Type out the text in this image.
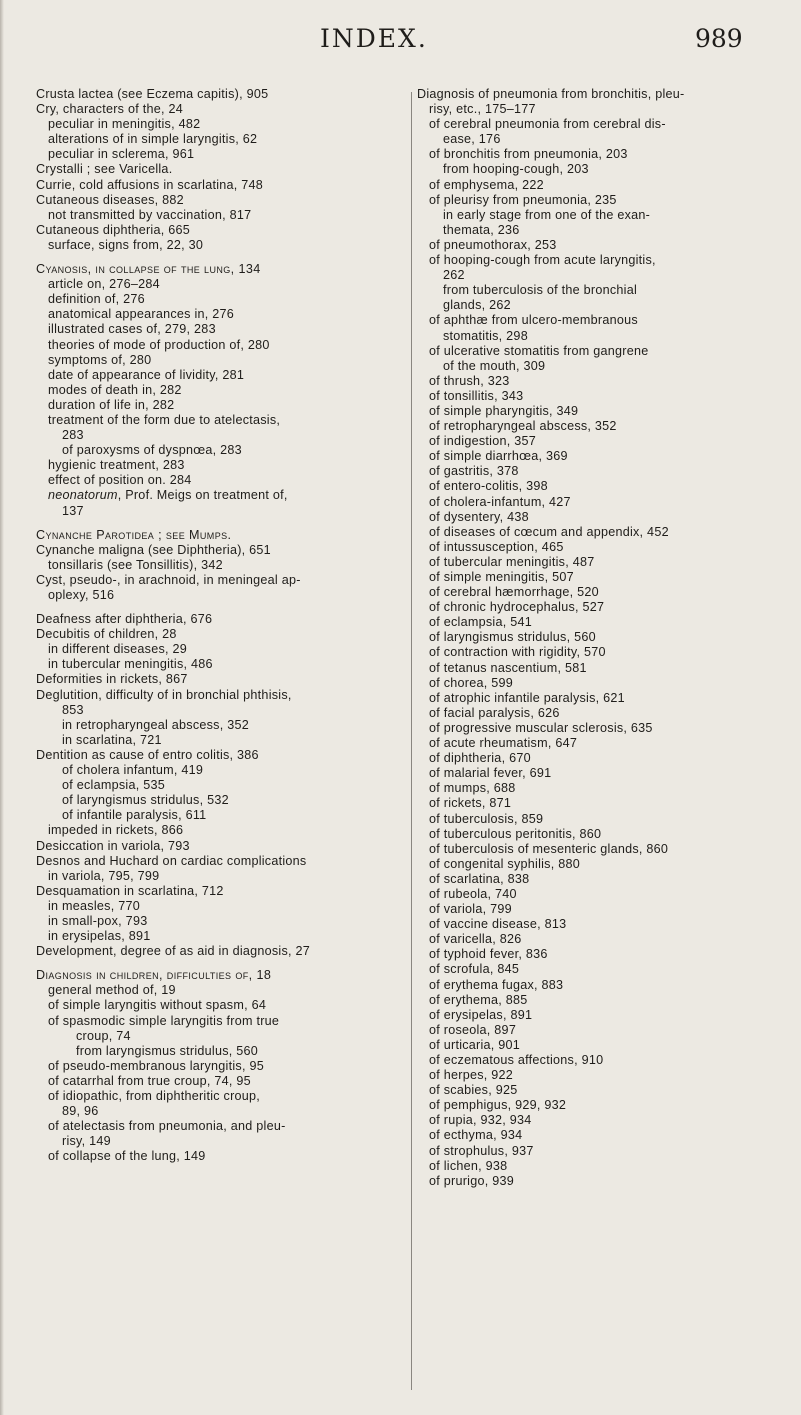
INDEX.	989
Crusta lactea (see Eczema capitis), 905
Cry, characters of the, 24
peculiar in meningitis, 482
alterations of in simple laryngitis, 62
peculiar in sclerema, 961
Crystalli ; see Varicella.
Currie, cold affusions in scarlatina, 748
Cutaneous diseases, 882
not transmitted by vaccination, 817
Cutaneous diphtheria, 665
surface, signs from, 22, 30
Cyanosis, in collapse of the lung, 134
article on, 276–284
definition of, 276
anatomical appearances in, 276
illustrated cases of, 279, 283
theories of mode of production of, 280
symptoms of, 280
date of appearance of lividity, 281
modes of death in, 282
duration of life in, 282
treatment of the form due to atelectasis,
283
of paroxysms of dyspnœa, 283
hygienic treatment, 283
effect of position on. 284
neonatorum, Prof. Meigs on treatment of,
137
Cynanche Parotidea ; see Mumps.
Cynanche maligna (see Diphtheria), 651
tonsillaris (see Tonsillitis), 342
Cyst, pseudo-, in arachnoid, in meningeal ap-
oplexy, 516
Deafness after diphtheria, 676
Decubitis of children, 28
in different diseases, 29
in tubercular meningitis, 486
Deformities in rickets, 867
Deglutition, difficulty of in bronchial phthisis,
853
in retropharyngeal abscess, 352
in scarlatina, 721
Dentition as cause of entro colitis, 386
of cholera infantum, 419
of eclampsia, 535
of laryngismus stridulus, 532
of infantile paralysis, 611
impeded in rickets, 866
Desiccation in variola, 793
Desnos and Huchard on cardiac complications
in variola, 795, 799
Desquamation in scarlatina, 712
in measles, 770
in small-pox, 793
in erysipelas, 891
Development, degree of as aid in diagnosis, 27
Diagnosis in children, difficulties of, 18
general method of, 19
of simple laryngitis without spasm, 64
of spasmodic simple laryngitis from true
croup, 74
from laryngismus stridulus, 560
of pseudo-membranous laryngitis, 95
of catarrhal from true croup, 74, 95
of idiopathic, from diphtheritic croup,
89, 96
of atelectasis from pneumonia, and pleu-
risy, 149
of collapse of the lung, 149
Diagnosis of pneumonia from bronchitis, pleu-
risy, etc., 175–177
of cerebral pneumonia from cerebral dis-
ease, 176
of bronchitis from pneumonia, 203
from hooping-cough, 203
of emphysema, 222
of pleurisy from pneumonia, 235
in early stage from one of the exan-
themata, 236
of pneumothorax, 253
of hooping-cough from acute laryngitis,
262
from tuberculosis of the bronchial
glands, 262
of aphthæ from ulcero-membranous
stomatitis, 298
of ulcerative stomatitis from gangrene
of the mouth, 309
of thrush, 323
of tonsillitis, 343
of simple pharyngitis, 349
of retropharyngeal abscess, 352
of indigestion, 357
of simple diarrhœa, 369
of gastritis, 378
of entero-colitis, 398
of cholera-infantum, 427
of dysentery, 438
of diseases of cœcum and appendix, 452
of intussusception, 465
of tubercular meningitis, 487
of simple meningitis, 507
of cerebral hæmorrhage, 520
of chronic hydrocephalus, 527
of eclampsia, 541
of laryngismus stridulus, 560
of contraction with rigidity, 570
of tetanus nascentium, 581
of chorea, 599
of atrophic infantile paralysis, 621
of facial paralysis, 626
of progressive muscular sclerosis, 635
of acute rheumatism, 647
of diphtheria, 670
of malarial fever, 691
of mumps, 688
of rickets, 871
of tuberculosis, 859
of tuberculous peritonitis, 860
of tuberculosis of mesenteric glands, 860
of congenital syphilis, 880
of scarlatina, 838
of rubeola, 740
of variola, 799
of vaccine disease, 813
of varicella, 826
of typhoid fever, 836
of scrofula, 845
of erythema fugax, 883
of erythema, 885
of erysipelas, 891
of roseola, 897
of urticaria, 901
of eczematous affections, 910
of herpes, 922
of scabies, 925
of pemphigus, 929, 932
of rupia, 932, 934
of ecthyma, 934
of strophulus, 937
of lichen, 938
of prurigo, 939
